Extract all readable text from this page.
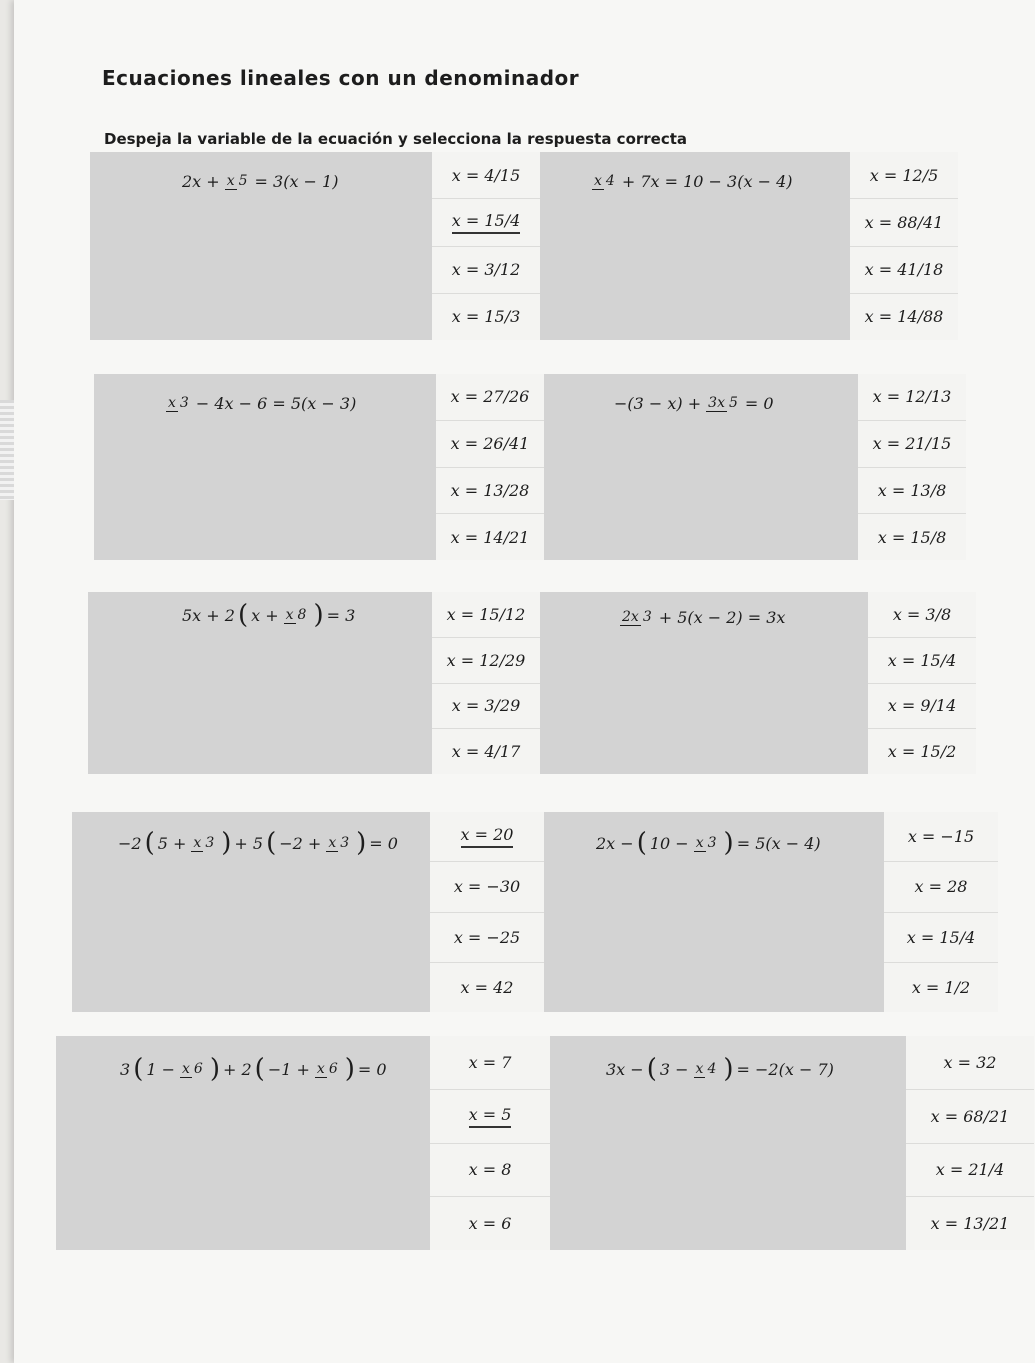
Ecuaciones lineales con un denominador
Despeja la variable de la ecuación y selecciona la respuesta correcta
2x + x 5 = 3(x − 1)	x = 4/15
x = 15/4
x = 3/12
x = 15/3
x 4 + 7x = 10 − 3(x − 4)	x = 12/5
x = 88/41
x = 41/18
x = 14/88
x 3 − 4x − 6 = 5(x − 3)	x = 27/26
x = 26/41
x = 13/28
x = 14/21
−(3 − x) + 3x 5 = 0	x = 12/13
x = 21/15
x = 13/8
x = 15/8
5x + 2 ( x + x 8 ) = 3	x = 15/12
x = 12/29
x = 3/29
x = 4/17
2x 3 + 5(x − 2) = 3x	x = 3/8
x = 15/4
x = 9/14
x = 15/2
−2 ( 5 + x 3 ) + 5 ( −2 + x 3 ) = 0	x = 20
x = −30
x = −25
x = 42
2x − ( 10 − x 3 ) = 5(x − 4)	x = −15
x = 28
x = 15/4
x = 1/2
3 ( 1 − x 6 ) + 2 ( −1 + x 6 ) = 0	x = 7
x = 5
x = 8
x = 6
3x − ( 3 − x 4 ) = −2(x − 7)	x = 32
x = 68/21
x = 21/4
x = 13/21
